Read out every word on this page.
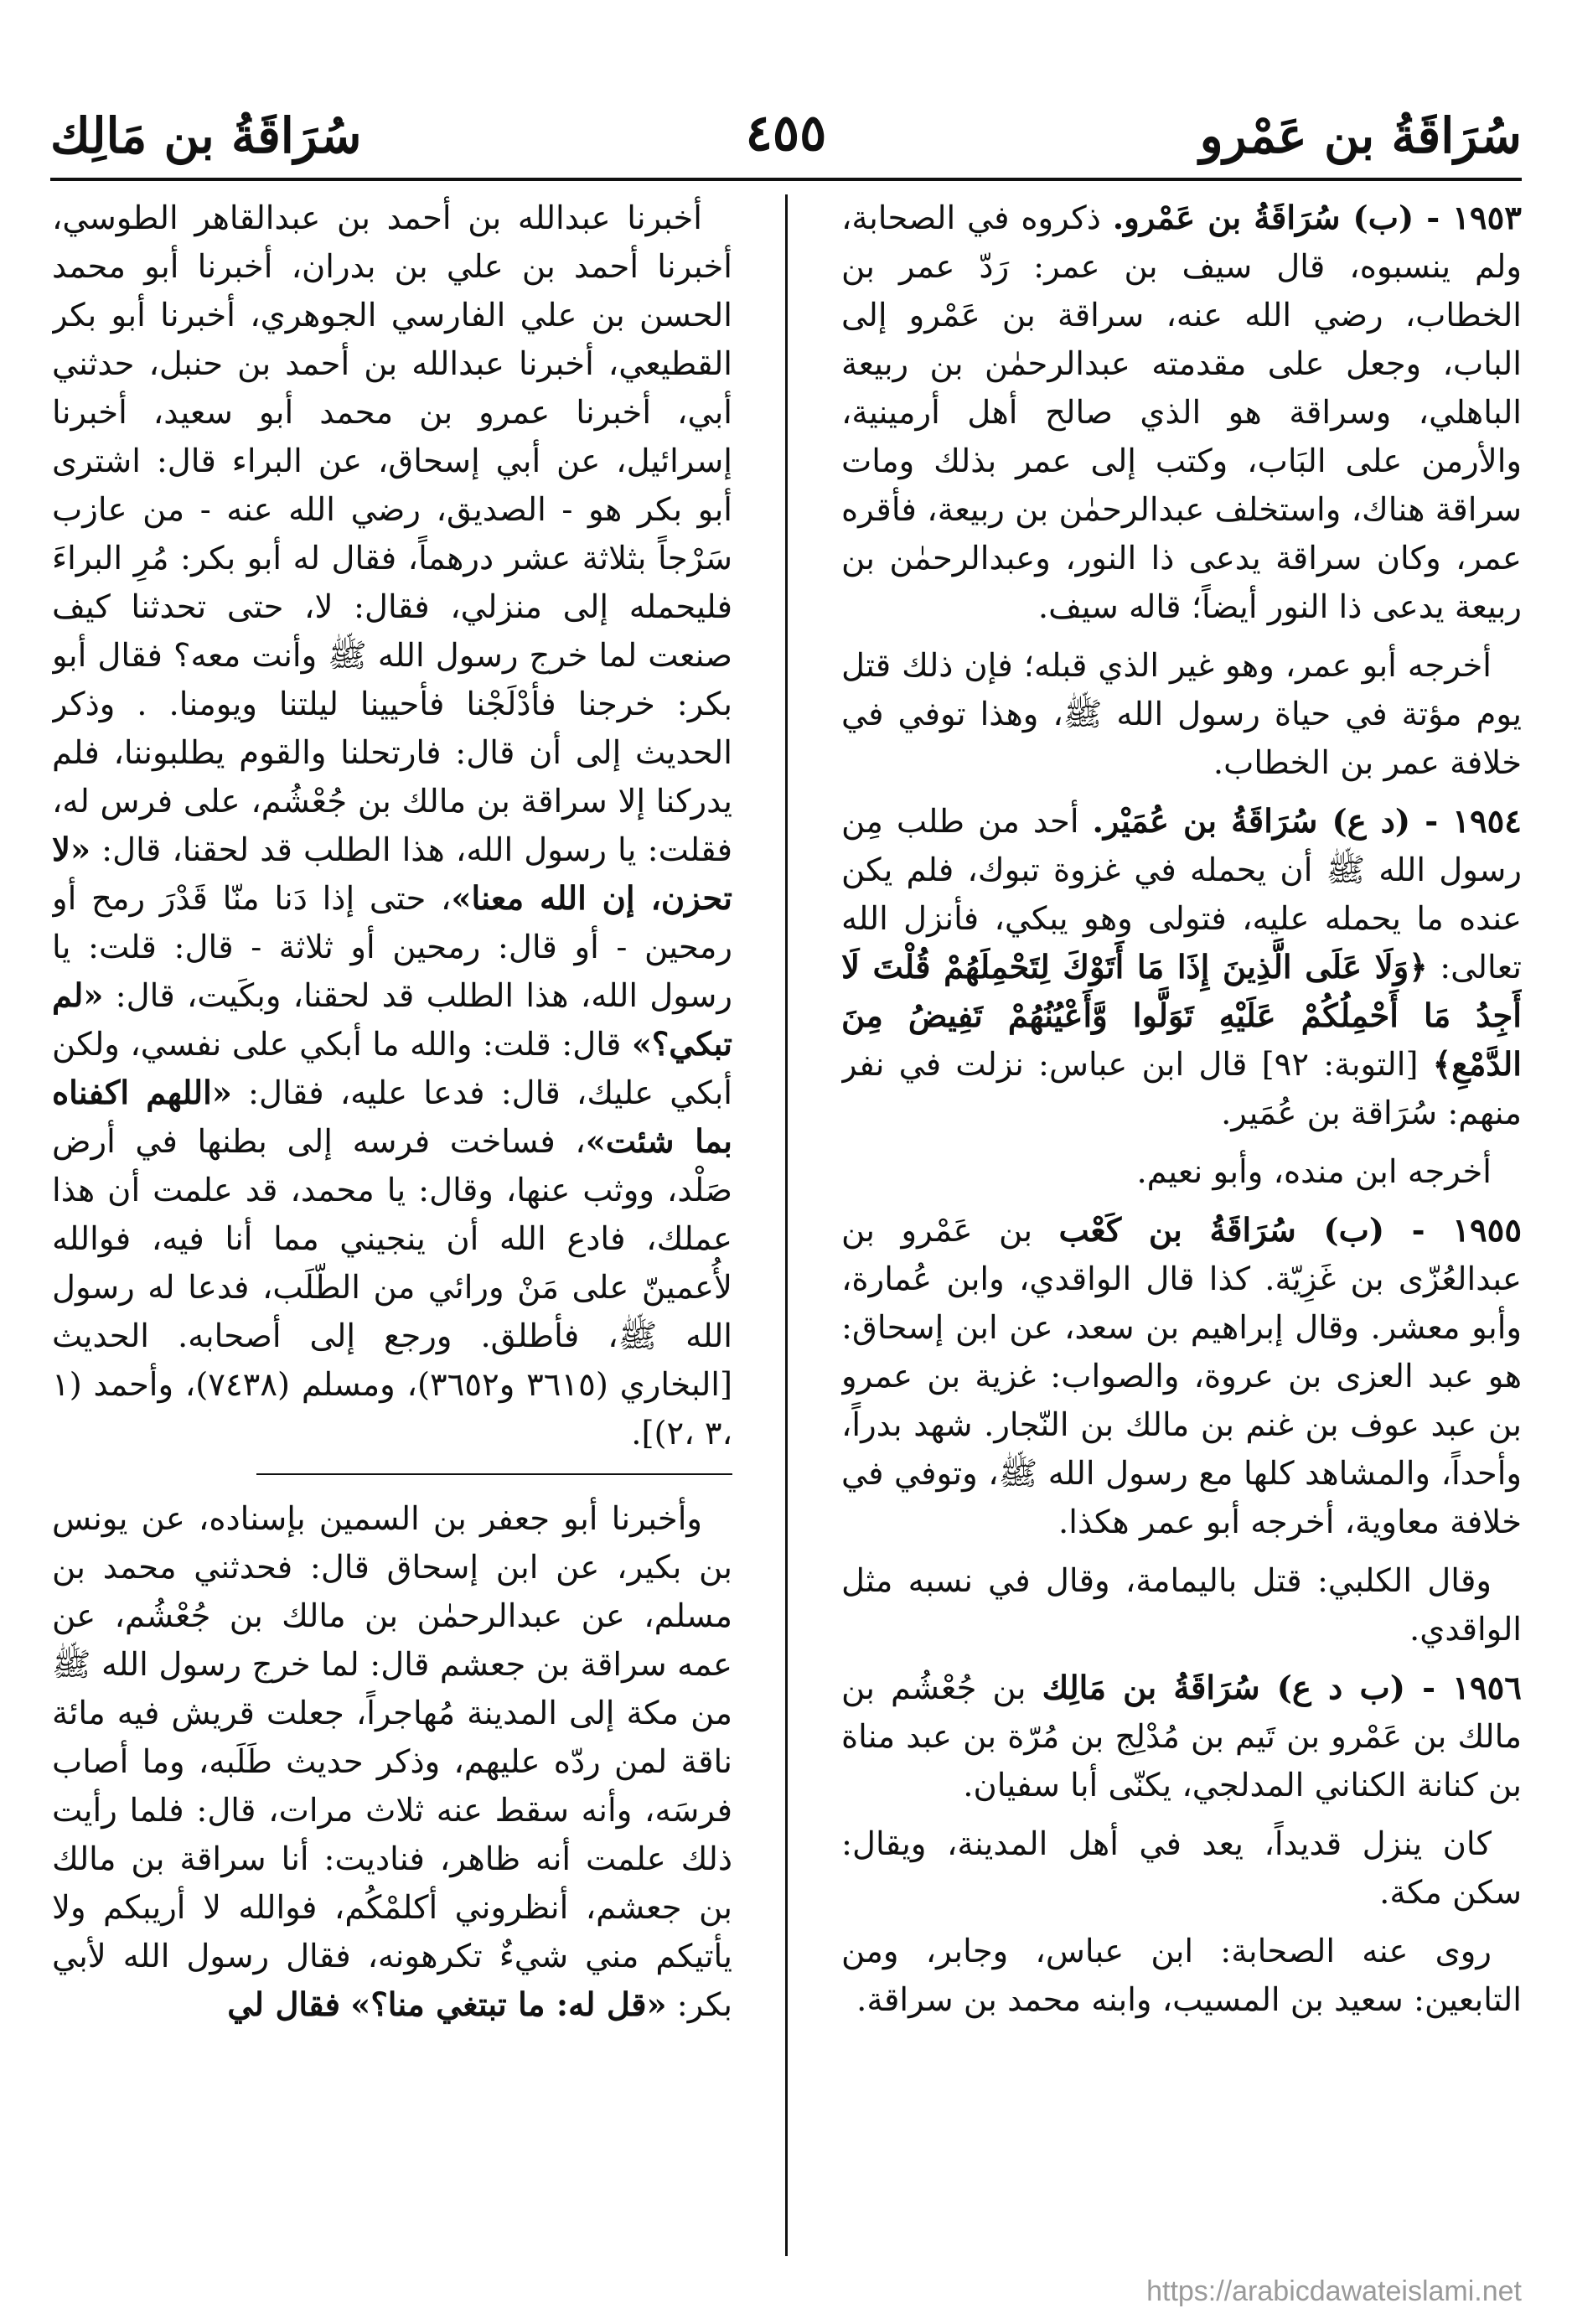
سُرَاقَةُ بن عَمْرو
٤٥٥
سُرَاقَةُ بن مَالِك
١٩٥٣ - (ب) سُرَاقَةُ بن عَمْرو. ذكروه في الصحابة، ولم ينسبوه، قال سيف بن عمر: رَدّ عمر بن الخطاب، رضي الله عنه، سراقة بن عَمْرو إلى الباب، وجعل على مقدمته عبدالرحمٰن بن ربيعة الباهلي، وسراقة هو الذي صالح أهل أرمينية، والأرمن على البَاب، وكتب إلى عمر بذلك ومات سراقة هناك، واستخلف عبدالرحمٰن بن ربيعة، فأقره عمر، وكان سراقة يدعى ذا النور، وعبدالرحمٰن بن ربيعة يدعى ذا النور أيضاً؛ قاله سيف.
أخرجه أبو عمر، وهو غير الذي قبله؛ فإن ذلك قتل يوم مؤتة في حياة رسول الله ﷺ، وهذا توفي في خلافة عمر بن الخطاب.
١٩٥٤ - (د ع) سُرَاقَةُ بن عُمَيْر. أحد من طلب مِن رسول الله ﷺ أن يحمله في غزوة تبوك، فلم يكن عنده ما يحمله عليه، فتولى وهو يبكي، فأنزل الله تعالى: ﴿وَلَا عَلَى الَّذِينَ إِذَا مَا أَتَوْكَ لِتَحْمِلَهُمْ قُلْتَ لَا أَجِدُ مَا أَحْمِلُكُمْ عَلَيْهِ تَوَلَّوا وَّأَعْيُنُهُمْ تَفِيضُ مِنَ الدَّمْعِ﴾ [التوبة: ٩٢] قال ابن عباس: نزلت في نفر منهم: سُرَاقة بن عُمَير.
أخرجه ابن منده، وأبو نعيم.
١٩٥٥ - (ب) سُرَاقَةُ بن كَعْب بن عَمْرو بن عبدالعُزّى بن غَزِيّة. كذا قال الواقدي، وابن عُمارة، وأبو معشر. وقال إبراهيم بن سعد، عن ابن إسحاق: هو عبد العزى بن عروة، والصواب: غزية بن عمرو بن عبد عوف بن غنم بن مالك بن النّجار. شهد بدراً، وأحداً، والمشاهد كلها مع رسول الله ﷺ، وتوفي في خلافة معاوية، أخرجه أبو عمر هكذا.
وقال الكلبي: قتل باليمامة، وقال في نسبه مثل الواقدي.
١٩٥٦ - (ب د ع) سُرَاقَةُ بن مَالِك بن جُعْشُم بن مالك بن عَمْرو بن تَيم بن مُدْلِج بن مُرّة بن عبد مناة بن كنانة الكناني المدلجي، يكنّى أبا سفيان.
كان ينزل قديداً، يعد في أهل المدينة، ويقال: سكن مكة.
روى عنه الصحابة: ابن عباس، وجابر، ومن التابعين: سعيد بن المسيب، وابنه محمد بن سراقة.
أخبرنا عبدالله بن أحمد بن عبدالقاهر الطوسي، أخبرنا أحمد بن علي بن بدران، أخبرنا أبو محمد الحسن بن علي الفارسي الجوهري، أخبرنا أبو بكر القطيعي، أخبرنا عبدالله بن أحمد بن حنبل، حدثني أبي، أخبرنا عمرو بن محمد أبو سعيد، أخبرنا إسرائيل، عن أبي إسحاق، عن البراء قال: اشترى أبو بكر هو - الصديق، رضي الله عنه - من عازب سَرْجاً بثلاثة عشر درهماً، فقال له أبو بكر: مُرِ البراءَ فليحمله إلى منزلي، فقال: لا، حتى تحدثنا كيف صنعت لما خرج رسول الله ﷺ وأنت معه؟ فقال أبو بكر: خرجنا فأدْلَجْنا فأحيينا ليلتنا ويومنا. . وذكر الحديث إلى أن قال: فارتحلنا والقوم يطلبوننا، فلم يدركنا إلا سراقة بن مالك بن جُعْشُم، على فرس له، فقلت: يا رسول الله، هذا الطلب قد لحقنا، قال: «لا تحزن، إن الله معنا»، حتى إذا دَنا منّا قَدْرَ رمح أو رمحين - أو قال: رمحين أو ثلاثة - قال: قلت: يا رسول الله، هذا الطلب قد لحقنا، وبكَيت، قال: «لم تبكي؟» قال: قلت: والله ما أبكي على نفسي، ولكن أبكي عليك، قال: فدعا عليه، فقال: «اللهم اكفناه بما شئت»، فساخت فرسه إلى بطنها في أرض صَلْد، ووثب عنها، وقال: يا محمد، قد علمت أن هذا عملك، فادع الله أن ينجيني مما أنا فيه، فوالله لأُعمينّ على مَنْ ورائي من الطّلَب، فدعا له رسول الله ﷺ، فأطلق. ورجع إلى أصحابه. الحديث [البخاري (٣٦١٥ و٣٦٥٢)، ومسلم (٧٤٣٨)، وأحمد (١ ،٣ ،٢)].
وأخبرنا أبو جعفر بن السمين بإسناده، عن يونس بن بكير، عن ابن إسحاق قال: فحدثني محمد بن مسلم، عن عبدالرحمٰن بن مالك بن جُعْشُم، عن عمه سراقة بن جعشم قال: لما خرج رسول الله ﷺ من مكة إلى المدينة مُهاجراً، جعلت قريش فيه مائة ناقة لمن ردّه عليهم، وذكر حديث طَلَبه، وما أصاب فرسَه، وأنه سقط عنه ثلاث مرات، قال: فلما رأيت ذلك علمت أنه ظاهر، فناديت: أنا سراقة بن مالك بن جعشم، أنظروني أكلمْكُم، فوالله لا أريبكم ولا يأتيكم مني شيءٌ تكرهونه، فقال رسول الله لأبي بكر: «قل له: ما تبتغي منا؟» فقال لي
https://arabicdawateislami.net
